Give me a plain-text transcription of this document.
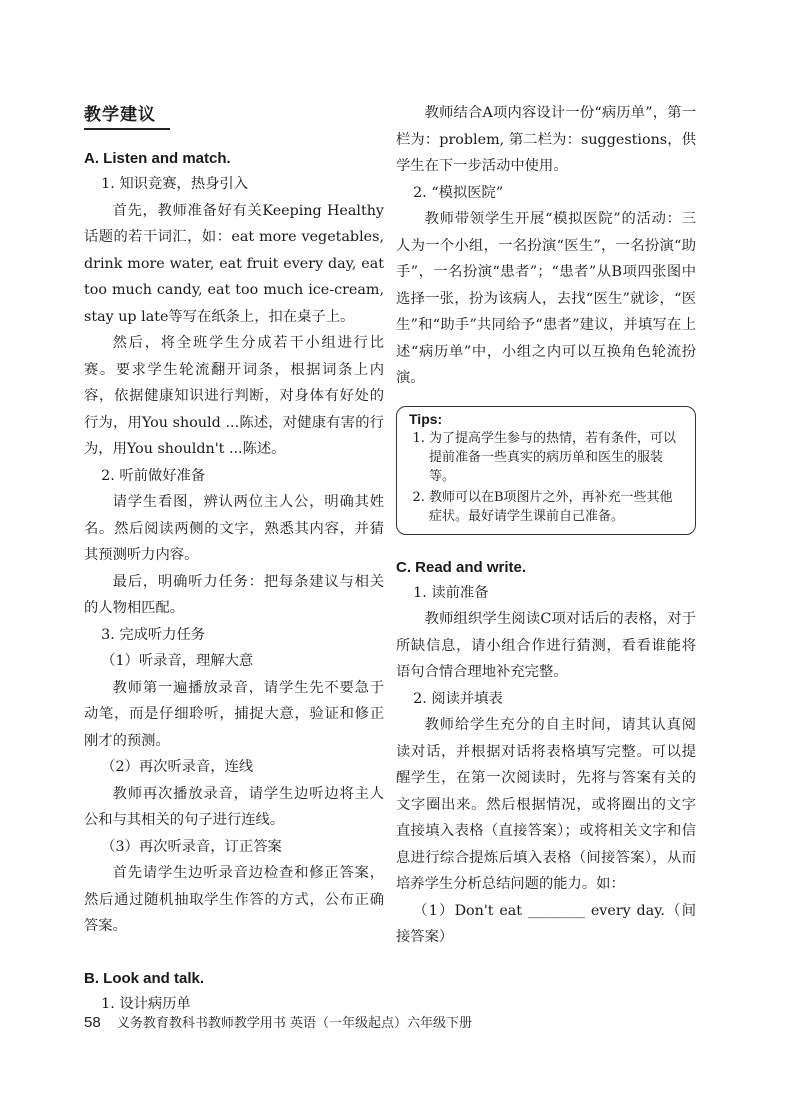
教学建议
A. Listen and match.

1. 知识竞赛，热身引入

首先，教师准备好有关Keeping Healthy话题的若干词汇，如：eat more vegetables, drink more water, eat fruit every day, eat too much candy, eat too much ice-cream, stay up late等写在纸条上，扣在桌子上。

然后，将全班学生分成若干小组进行比赛。要求学生轮流翻开词条，根据词条上内容，依据健康知识进行判断，对身体有好处的行为，用You should ...陈述，对健康有害的行为，用You shouldn't ...陈述。

2. 听前做好准备

请学生看图，辨认两位主人公，明确其姓名。然后阅读两侧的文字，熟悉其内容，并猜其预测听力内容。

最后，明确听力任务：把每条建议与相关的人物相匹配。

3. 完成听力任务

（1）听录音，理解大意

教师第一遍播放录音，请学生先不要急于动笔，而是仔细聆听，捕捉大意，验证和修正刚才的预测。

（2）再次听录音，连线

教师再次播放录音，请学生边听边将主人公和与其相关的句子进行连线。

（3）再次听录音，订正答案

首先请学生边听录音边检查和修正答案，然后通过随机抽取学生作答的方式，公布正确答案。

B. Look and talk.

1. 设计病历单

教师结合A项内容设计一份“病历单”，第一栏为：problem, 第二栏为：suggestions，供学生在下一步活动中使用。

2. “模拟医院”

教师带领学生开展“模拟医院”的活动：三人为一个小组，一名扮演“医生”，一名扮演“助手”，一名扮演“患者”；“患者”从B项四张图中选择一张，扮为该病人，去找“医生”就诊，“医生”和“助手”共同给予“患者”建议，并填写在上述“病历单”中，小组之内可以互换角色轮流扮演。

Tips:
1. 为了提高学生参与的热情，若有条件，可以提前准备一些真实的病历单和医生的服装等。
2. 教师可以在B项图片之外，再补充一些其他症状。最好请学生课前自己准备。
C. Read and write.

1. 读前准备

教师组织学生阅读C项对话后的表格，对于所缺信息，请小组合作进行猜测，看看谁能将语句合情合理地补充完整。

2. 阅读并填表

教师给学生充分的自主时间，请其认真阅读对话，并根据对话将表格填写完整。可以提醒学生，在第一次阅读时，先将与答案有关的文字圈出来。然后根据情况，或将圈出的文字直接填入表格（直接答案）；或将相关文字和信息进行综合提炼后填入表格（间接答案），从而培养学生分析总结问题的能力。如：

（1）Don't eat ________ every day.（间接答案）

58 义务教育教科书教师教学用书 英语（一年级起点）六年级下册
